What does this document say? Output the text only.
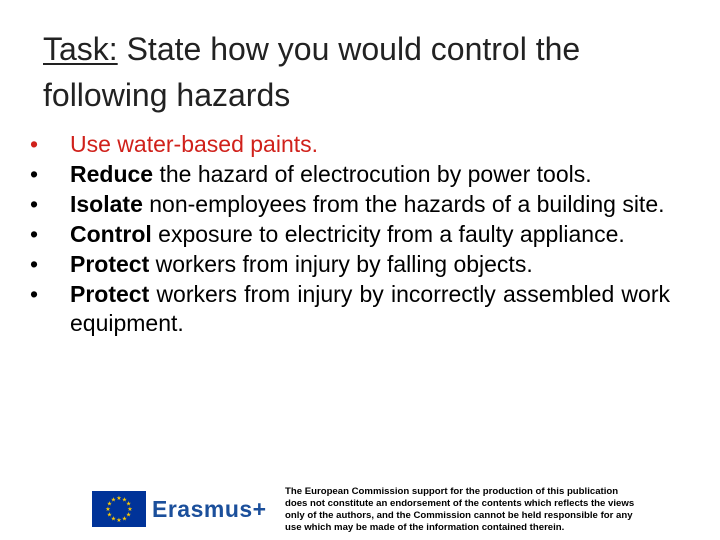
Task: State how you would control the following hazards
• Use water-based paints.
• Reduce the hazard of electrocution by power tools.
• Isolate non-employees from the hazards of a building site.
• Control exposure to electricity from a faulty appliance.
• Protect workers from injury by falling objects.
• Protect workers from injury by incorrectly assembled work equipment.
★
★
★
★
★
★
★
★
★ ★ ★
★ Erasmus+
The European Commission support for the production of this publication does not constitute an endorsement of the contents which reflects the views only of the authors, and the Commission cannot be held responsible for any use which may be made of the information contained therein.
